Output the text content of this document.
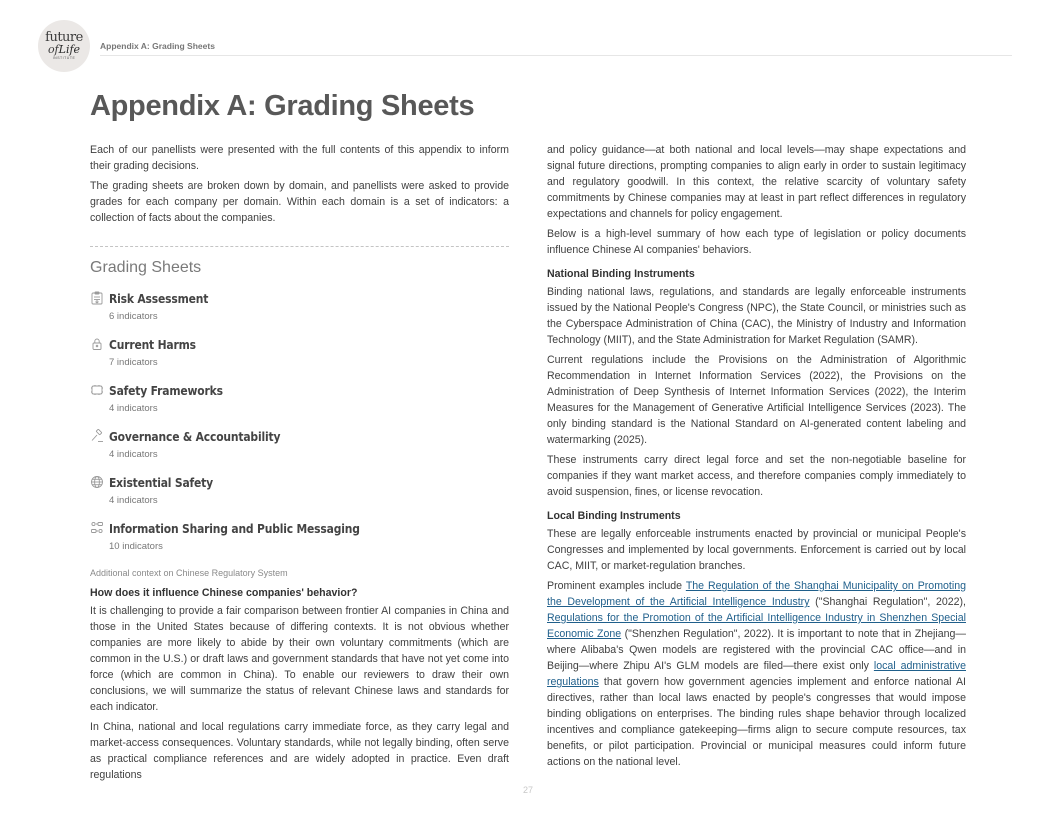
future
ofLife
INSTITUTE
Appendix A: Grading Sheets
Appendix A: Grading Sheets

Each of our panellists were presented with the full contents of this appendix to inform their grading decisions.

The grading sheets are broken down by domain, and panellists were asked to provide grades for each company per domain. Within each domain is a set of indicators: a collection of facts about the companies.

Grading Sheets
Risk Assessment
6 indicators
Current Harms
7 indicators
Safety Frameworks
4 indicators
Governance & Accountability
4 indicators
Existential Safety
4 indicators
Information Sharing and Public Messaging
10 indicators
Additional context on Chinese Regulatory System
How does it influence Chinese companies' behavior?

It is challenging to provide a fair comparison between frontier AI companies in China and those in the United States because of differing contexts. It is not obvious whether companies are more likely to abide by their own voluntary commitments (which are common in the U.S.) or draft laws and government standards that have not yet come into force (which are common in China). To enable our reviewers to draw their own conclusions, we will summarize the status of relevant Chinese laws and standards for each indicator.

In China, national and local regulations carry immediate force, as they carry legal and market-access consequences. Voluntary standards, while not legally binding, often serve as practical compliance references and are widely adopted in practice. Even draft regulations

and policy guidance—at both national and local levels—may shape expectations and signal future directions, prompting companies to align early in order to sustain legitimacy and regulatory goodwill. In this context, the relative scarcity of voluntary safety commitments by Chinese companies may at least in part reflect differences in regulatory expectations and channels for policy engagement.

Below is a high-level summary of how each type of legislation or policy documents influence Chinese AI companies' behaviors.

National Binding Instruments

Binding national laws, regulations, and standards are legally enforceable instruments issued by the National People's Congress (NPC), the State Council, or ministries such as the Cyberspace Administration of China (CAC), the Ministry of Industry and Information Technology (MIIT), and the State Administration for Market Regulation (SAMR).

Current regulations include the Provisions on the Administration of Algorithmic Recommendation in Internet Information Services (2022), the Provisions on the Administration of Deep Synthesis of Internet Information Services (2022), the Interim Measures for the Management of Generative Artificial Intelligence Services (2023). The only binding standard is the National Standard on AI-generated content labeling and watermarking (2025).

These instruments carry direct legal force and set the non-negotiable baseline for companies if they want market access, and therefore companies comply immediately to avoid suspension, fines, or license revocation.

Local Binding Instruments

These are legally enforceable instruments enacted by provincial or municipal People's Congresses and implemented by local governments. Enforcement is carried out by local CAC, MIIT, or market-regulation branches.

Prominent examples include The Regulation of the Shanghai Municipality on Promoting the Development of the Artificial Intelligence Industry ("Shanghai Regulation", 2022), Regulations for the Promotion of the Artificial Intelligence Industry in Shenzhen Special Economic Zone ("Shenzhen Regulation", 2022). It is important to note that in Zhejiang—where Alibaba's Qwen models are registered with the provincial CAC office—and in Beijing—where Zhipu AI's GLM models are filed—there exist only local administrative regulations that govern how government agencies implement and enforce national AI directives, rather than local laws enacted by people's congresses that would impose binding obligations on enterprises. The binding rules shape behavior through localized incentives and compliance gatekeeping—firms align to secure compute resources, tax benefits, or pilot participation. Provincial or municipal measures could inform future actions on the national level.

27
